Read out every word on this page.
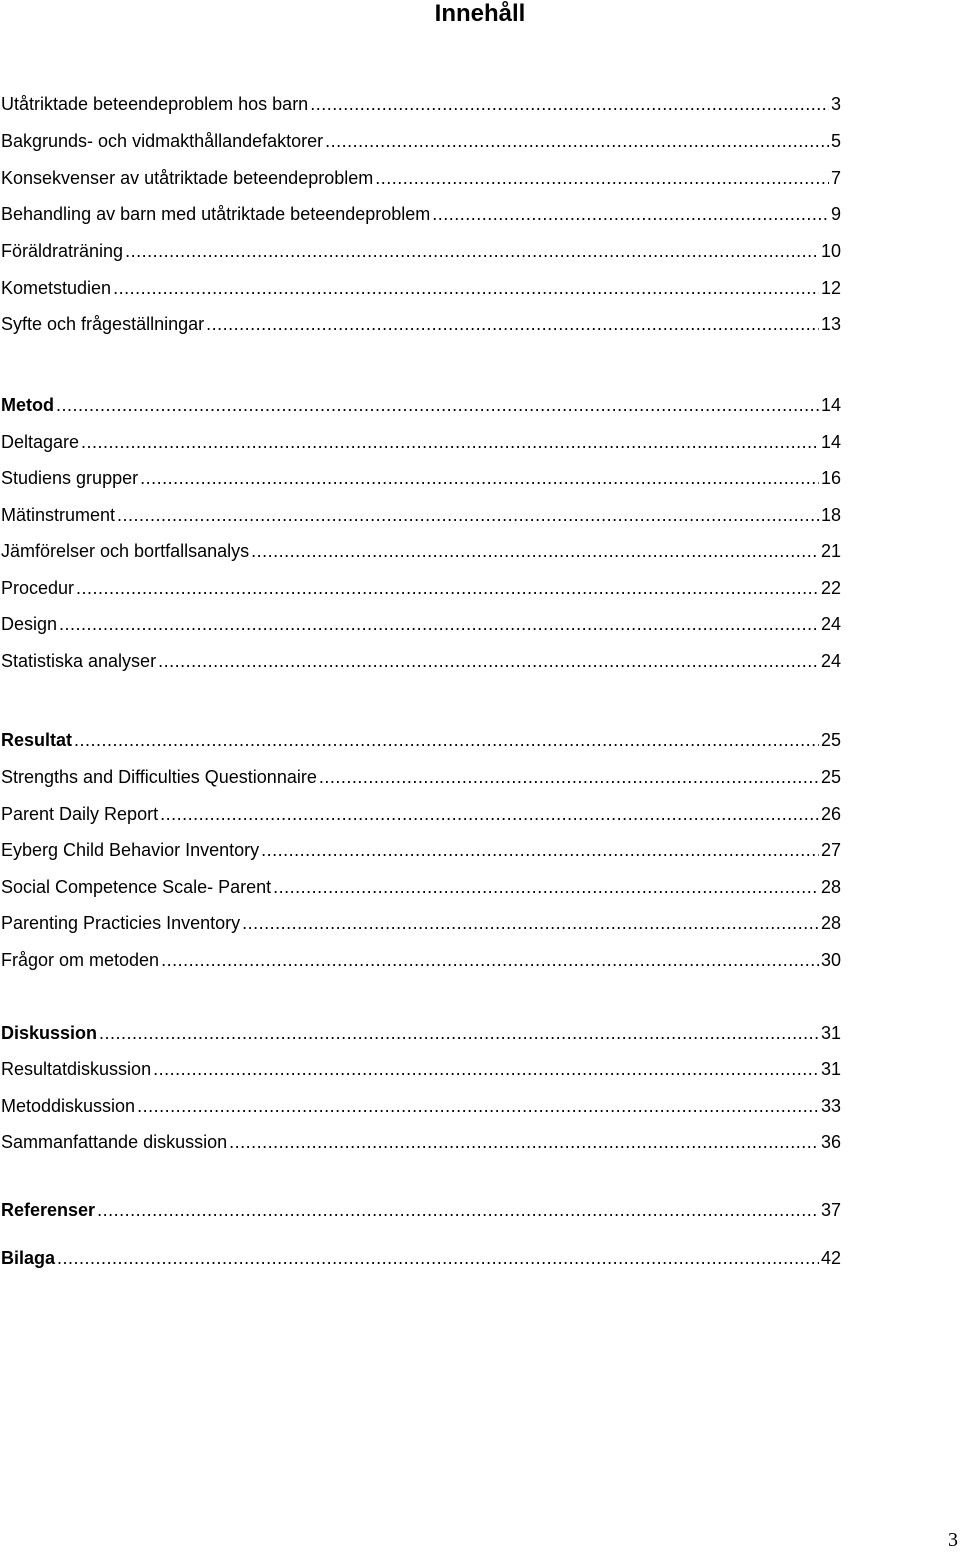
Innehåll
Utåtriktade beteendeproblem hos barn .....	3
Bakgrunds- och vidmakthållandefaktorer .....	5
Konsekvenser av utåtriktade beteendeproblem .....	7
Behandling av barn med utåtriktade beteendeproblem .....	9
Föräldraträning .....	10
Kometstudien .....	12
Syfte och frågeställningar .....	13
Metod .....	14
Deltagare .....	14
Studiens grupper .....	16
Mätinstrument .....	18
Jämförelser och bortfallsanalys .....	21
Procedur .....	22
Design .....	24
Statistiska analyser .....	24
Resultat .....	25
Strengths and Difficulties Questionnaire .....	25
Parent Daily Report .....	26
Eyberg Child Behavior Inventory .....	27
Social Competence Scale- Parent .....	28
Parenting Practicies Inventory .....	28
Frågor om metoden .....	30
Diskussion .....	31
Resultatdiskussion .....	31
Metoddiskussion .....	33
Sammanfattande diskussion .....	36
Referenser .....	37
Bilaga .....	42
3
